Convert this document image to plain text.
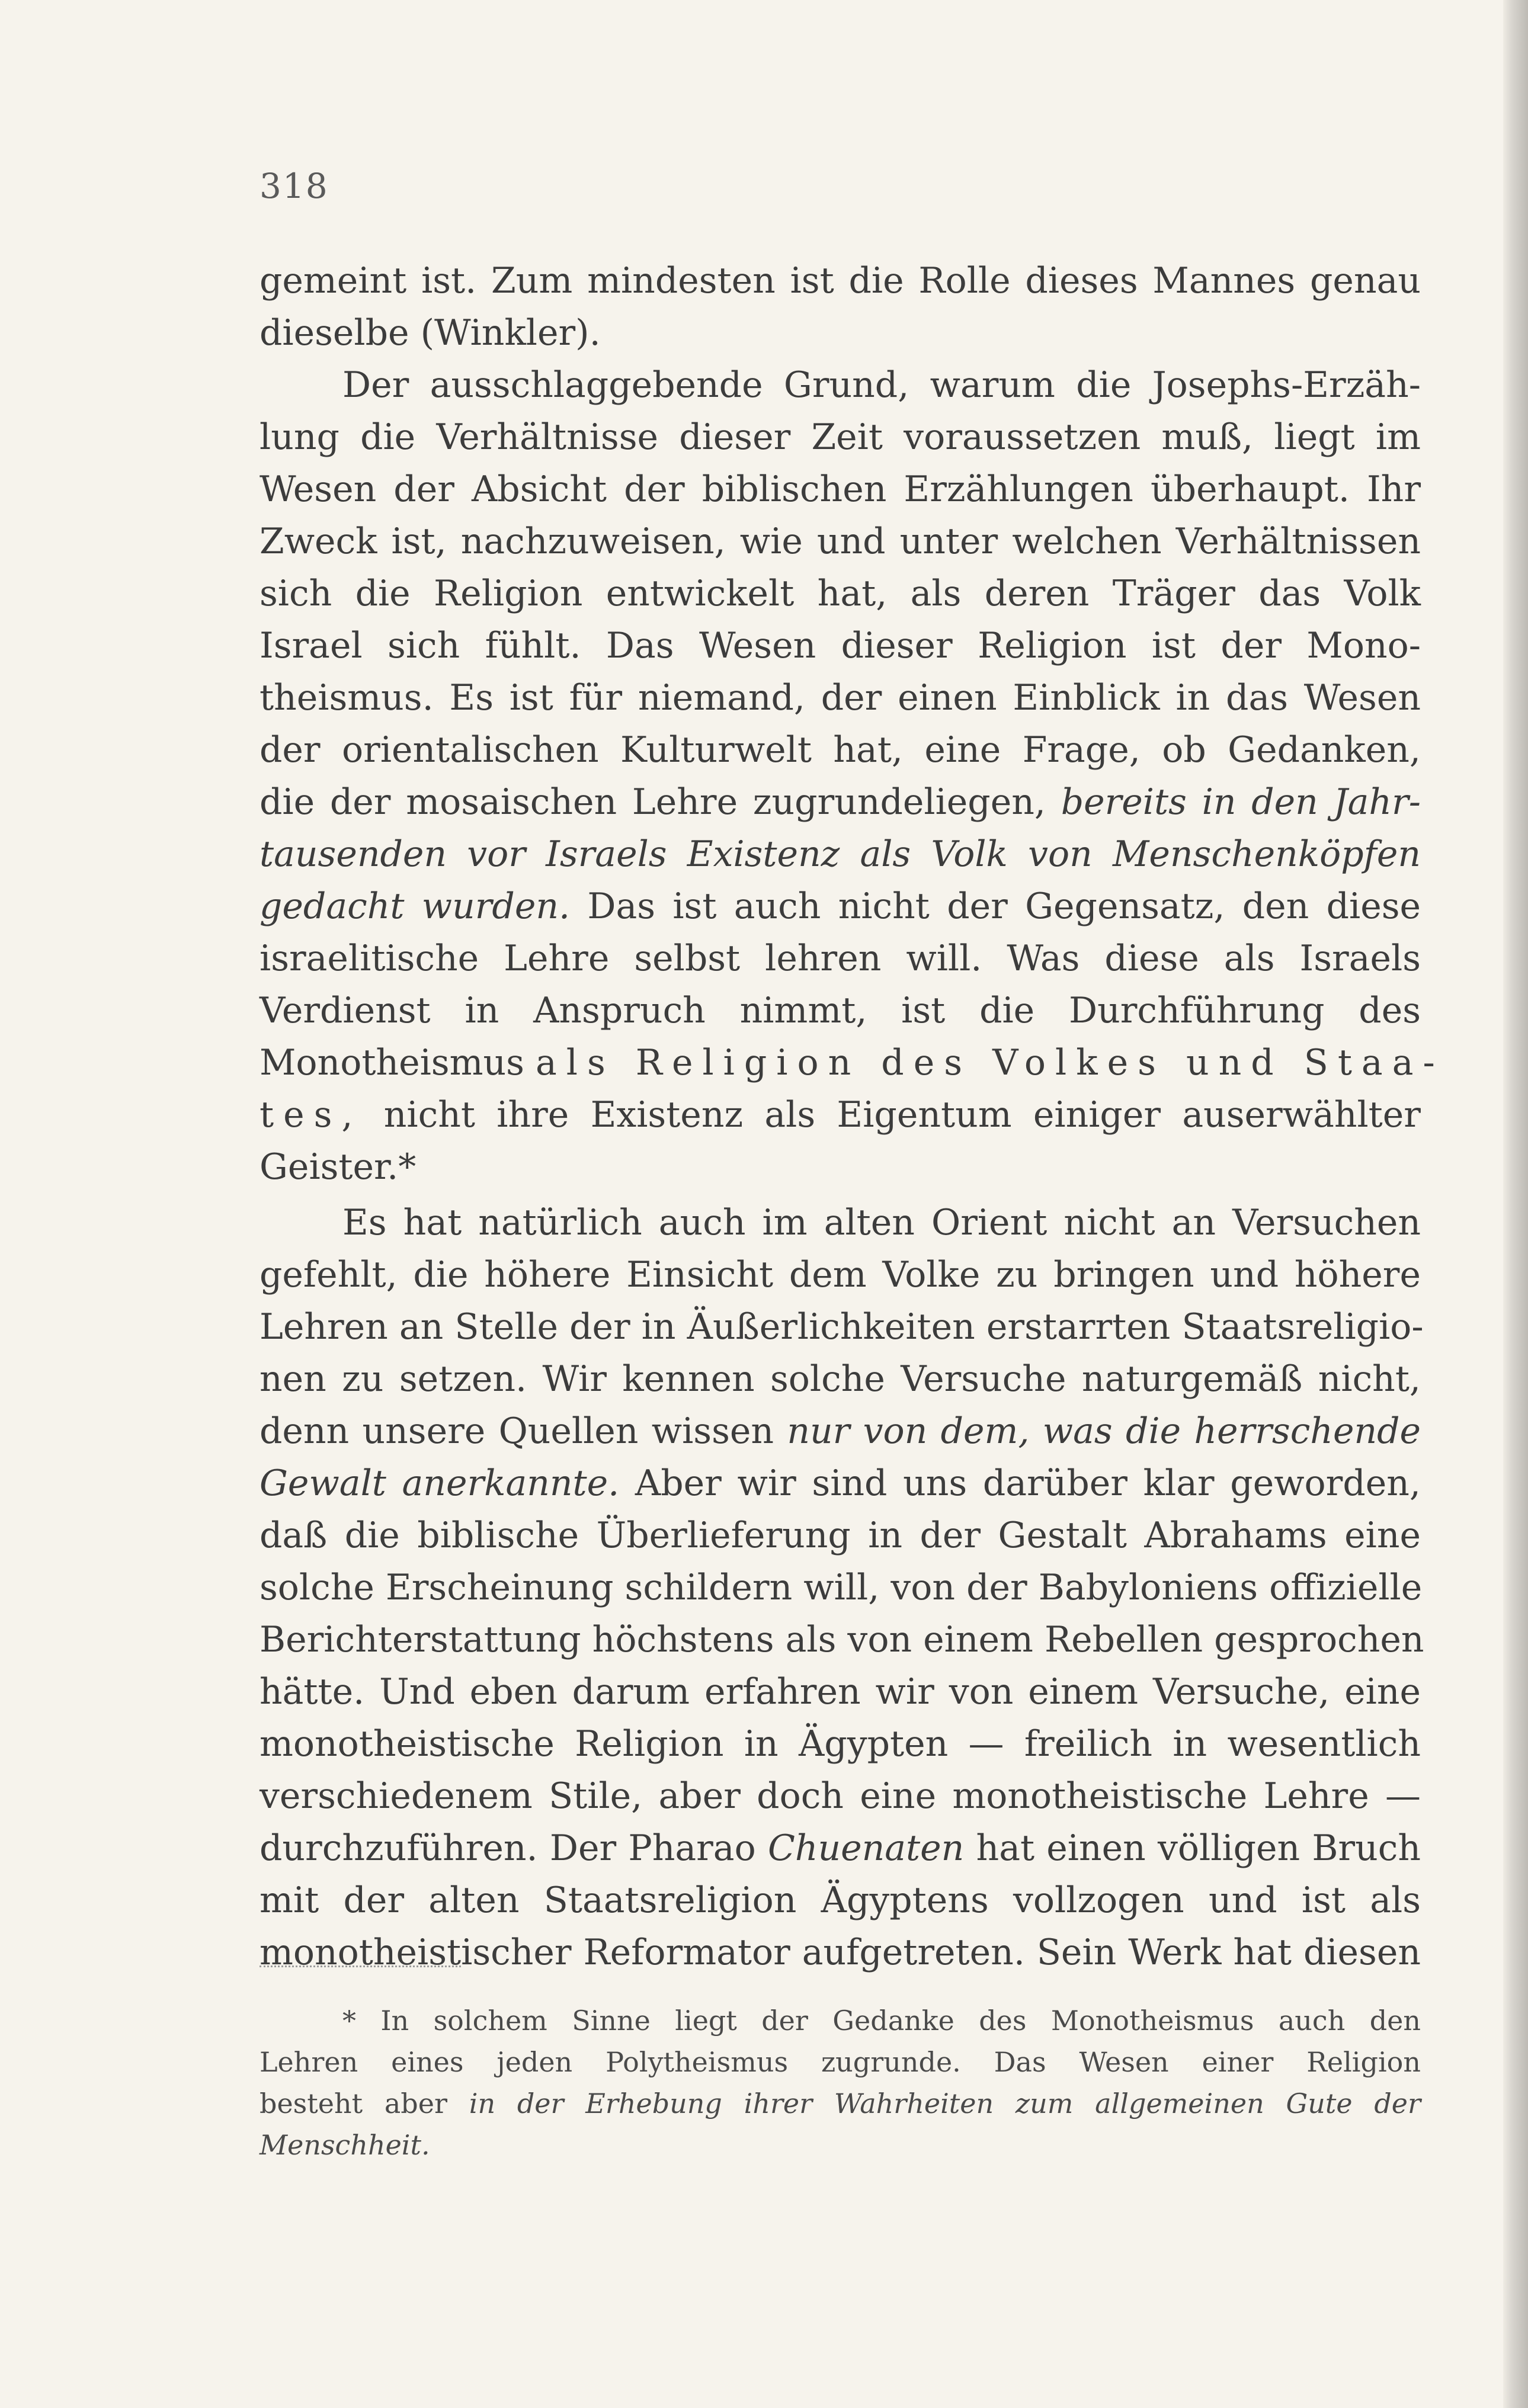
318
gemeint ist. Zum mindesten ist die Rolle dieses Mannes genau
dieselbe (Winkler).
Der ausschlaggebende Grund, warum die Josephs-Erzäh-
lung die Verhältnisse dieser Zeit voraussetzen muß, liegt im
Wesen der Absicht der biblischen Erzählungen überhaupt. Ihr
Zweck ist, nachzuweisen, wie und unter welchen Verhältnissen
sich die Religion entwickelt hat, als deren Träger das Volk
Israel sich fühlt. Das Wesen dieser Religion ist der Mono-
theismus. Es ist für niemand, der einen Einblick in das Wesen
der orientalischen Kulturwelt hat, eine Frage, ob Gedanken,
die der mosaischen Lehre zugrundeliegen, bereits in den Jahr-
tausenden vor Israels Existenz als Volk von Menschenköpfen
gedacht wurden. Das ist auch nicht der Gegensatz, den diese
israelitische Lehre selbst lehren will. Was diese als Israels
Verdienst in Anspruch nimmt, ist die Durchführung des
Monotheismus als Religion des Volkes und Staa-
tes, nicht ihre Existenz als Eigentum einiger auserwählter
Geister.*
Es hat natürlich auch im alten Orient nicht an Versuchen
gefehlt, die höhere Einsicht dem Volke zu bringen und höhere
Lehren an Stelle der in Äußerlichkeiten erstarrten Staatsreligio-
nen zu setzen. Wir kennen solche Versuche naturgemäß nicht,
denn unsere Quellen wissen nur von dem, was die herrschende
Gewalt anerkannte. Aber wir sind uns darüber klar geworden,
daß die biblische Überlieferung in der Gestalt Abrahams eine
solche Erscheinung schildern will, von der Babyloniens offizielle
Berichterstattung höchstens als von einem Rebellen gesprochen
hätte. Und eben darum erfahren wir von einem Versuche, eine
monotheistische Religion in Ägypten — freilich in wesentlich
verschiedenem Stile, aber doch eine monotheistische Lehre —
durchzuführen. Der Pharao Chuenaten hat einen völligen Bruch
mit der alten Staatsreligion Ägyptens vollzogen und ist als
monotheistischer Reformator aufgetreten. Sein Werk hat diesen
* In solchem Sinne liegt der Gedanke des Monotheismus auch den
Lehren eines jeden Polytheismus zugrunde. Das Wesen einer Religion
besteht aber in der Erhebung ihrer Wahrheiten zum allgemeinen Gute der
Menschheit.
